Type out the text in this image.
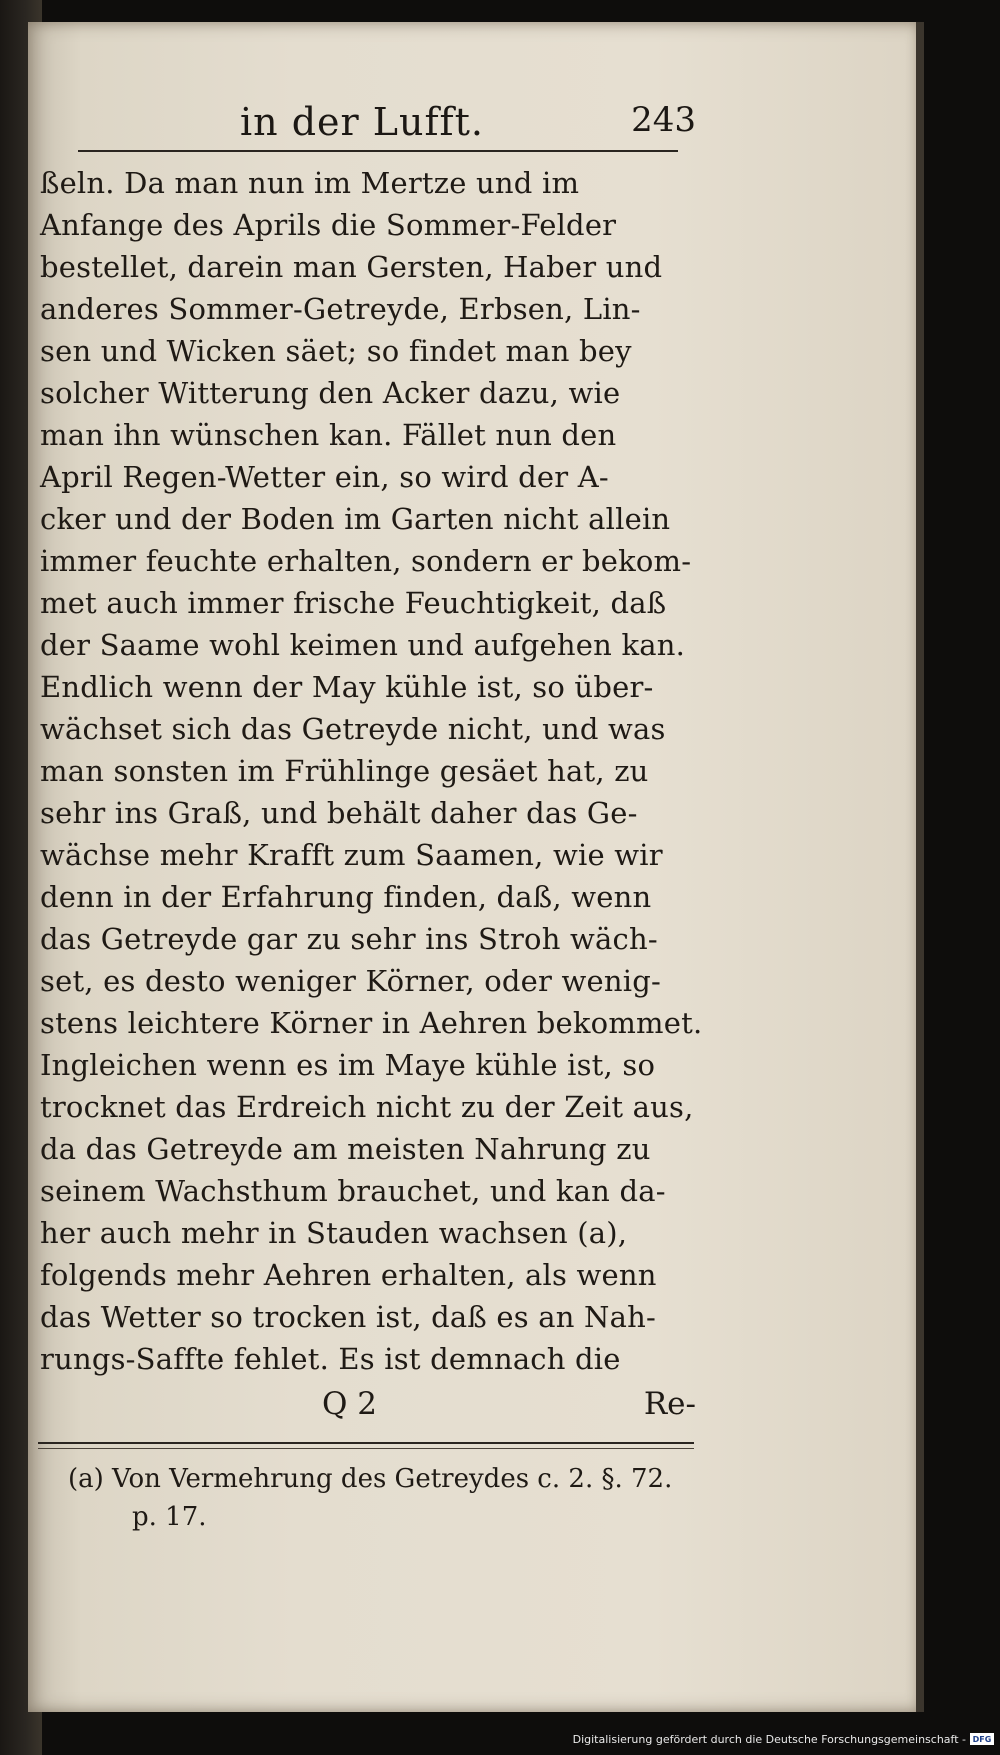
in der Lufft.	243
ßeln. Da man nun im Mertze und im
Anfange des Aprils die Sommer-Felder
bestellet, darein man Gersten, Haber und
anderes Sommer-Getreyde, Erbsen, Lin-
sen und Wicken säet; so findet man bey
solcher Witterung den Acker dazu, wie
man ihn wünschen kan. Fället nun den
April Regen-Wetter ein, so wird der A-
cker und der Boden im Garten nicht allein
immer feuchte erhalten, sondern er bekom-
met auch immer frische Feuchtigkeit, daß
der Saame wohl keimen und aufgehen kan.
Endlich wenn der May kühle ist, so über-
wächset sich das Getreyde nicht, und was
man sonsten im Frühlinge gesäet hat, zu
sehr ins Graß, und behält daher das Ge-
wächse mehr Krafft zum Saamen, wie wir
denn in der Erfahrung finden, daß, wenn
das Getreyde gar zu sehr ins Stroh wäch-
set, es desto weniger Körner, oder wenig-
stens leichtere Körner in Aehren bekommet.
Ingleichen wenn es im Maye kühle ist, so
trocknet das Erdreich nicht zu der Zeit aus,
da das Getreyde am meisten Nahrung zu
seinem Wachsthum brauchet, und kan da-
her auch mehr in Stauden wachsen (a),
folgends mehr Aehren erhalten, als wenn
das Wetter so trocken ist, daß es an Nah-
rungs-Saffte fehlet. Es ist demnach die
Q 2	Re-
(a) Von Vermehrung des Getreydes c. 2. §. 72.
p. 17.
Digitalisierung gefördert durch die Deutsche Forschungsgemeinschaft - DFG
